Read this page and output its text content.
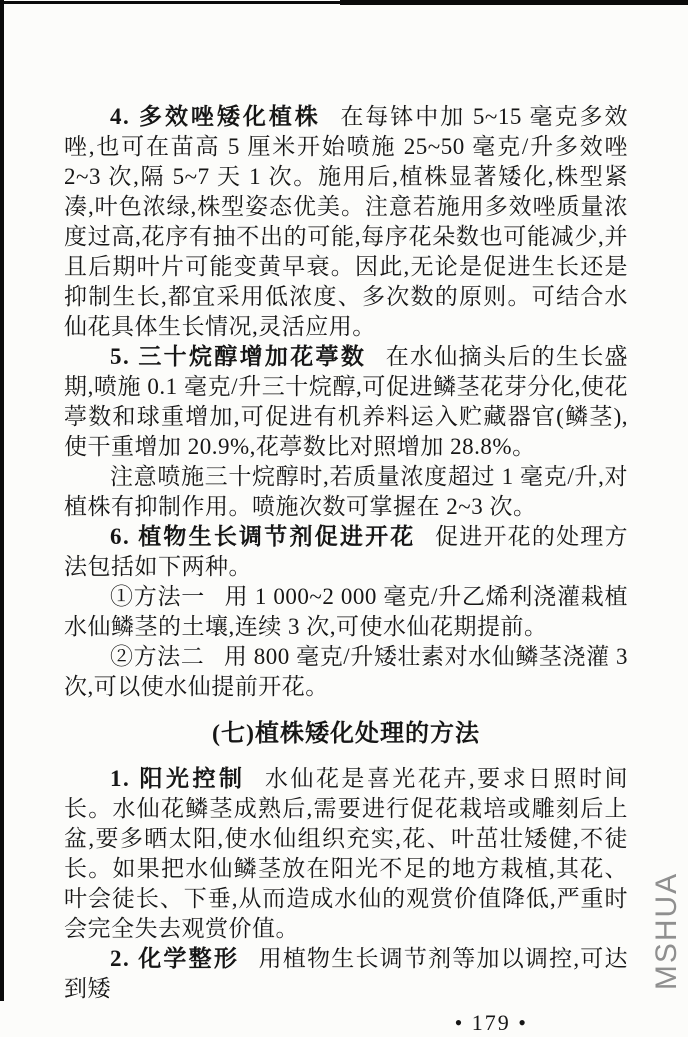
4. 多效唑矮化植株 在每钵中加 5~15 毫克多效唑,也可在苗高 5 厘米开始喷施 25~50 毫克/升多效唑 2~3 次,隔 5~7 天 1 次。施用后,植株显著矮化,株型紧凑,叶色浓绿,株型姿态优美。注意若施用多效唑质量浓度过高,花序有抽不出的可能,每序花朵数也可能减少,并且后期叶片可能变黄早衰。因此,无论是促进生长还是抑制生长,都宜采用低浓度、多次数的原则。可结合水仙花具体生长情况,灵活应用。

5. 三十烷醇增加花葶数 在水仙摘头后的生长盛期,喷施 0.1 毫克/升三十烷醇,可促进鳞茎花芽分化,使花葶数和球重增加,可促进有机养料运入贮藏器官(鳞茎),使干重增加 20.9%,花葶数比对照增加 28.8%。

注意喷施三十烷醇时,若质量浓度超过 1 毫克/升,对植株有抑制作用。喷施次数可掌握在 2~3 次。

6. 植物生长调节剂促进开花 促进开花的处理方法包括如下两种。

①方法一 用 1 000~2 000 毫克/升乙烯利浇灌栽植水仙鳞茎的土壤,连续 3 次,可使水仙花期提前。

②方法二 用 800 毫克/升矮壮素对水仙鳞茎浇灌 3 次,可以使水仙提前开花。

(七)植株矮化处理的方法

1. 阳光控制 水仙花是喜光花卉,要求日照时间长。水仙花鳞茎成熟后,需要进行促花栽培或雕刻后上盆,要多晒太阳,使水仙组织充实,花、叶茁壮矮健,不徒长。如果把水仙鳞茎放在阳光不足的地方栽植,其花、叶会徒长、下垂,从而造成水仙的观赏价值降低,严重时会完全失去观赏价值。

2. 化学整形 用植物生长调节剂等加以调控,可达到矮

• 179 •
MSHUA
